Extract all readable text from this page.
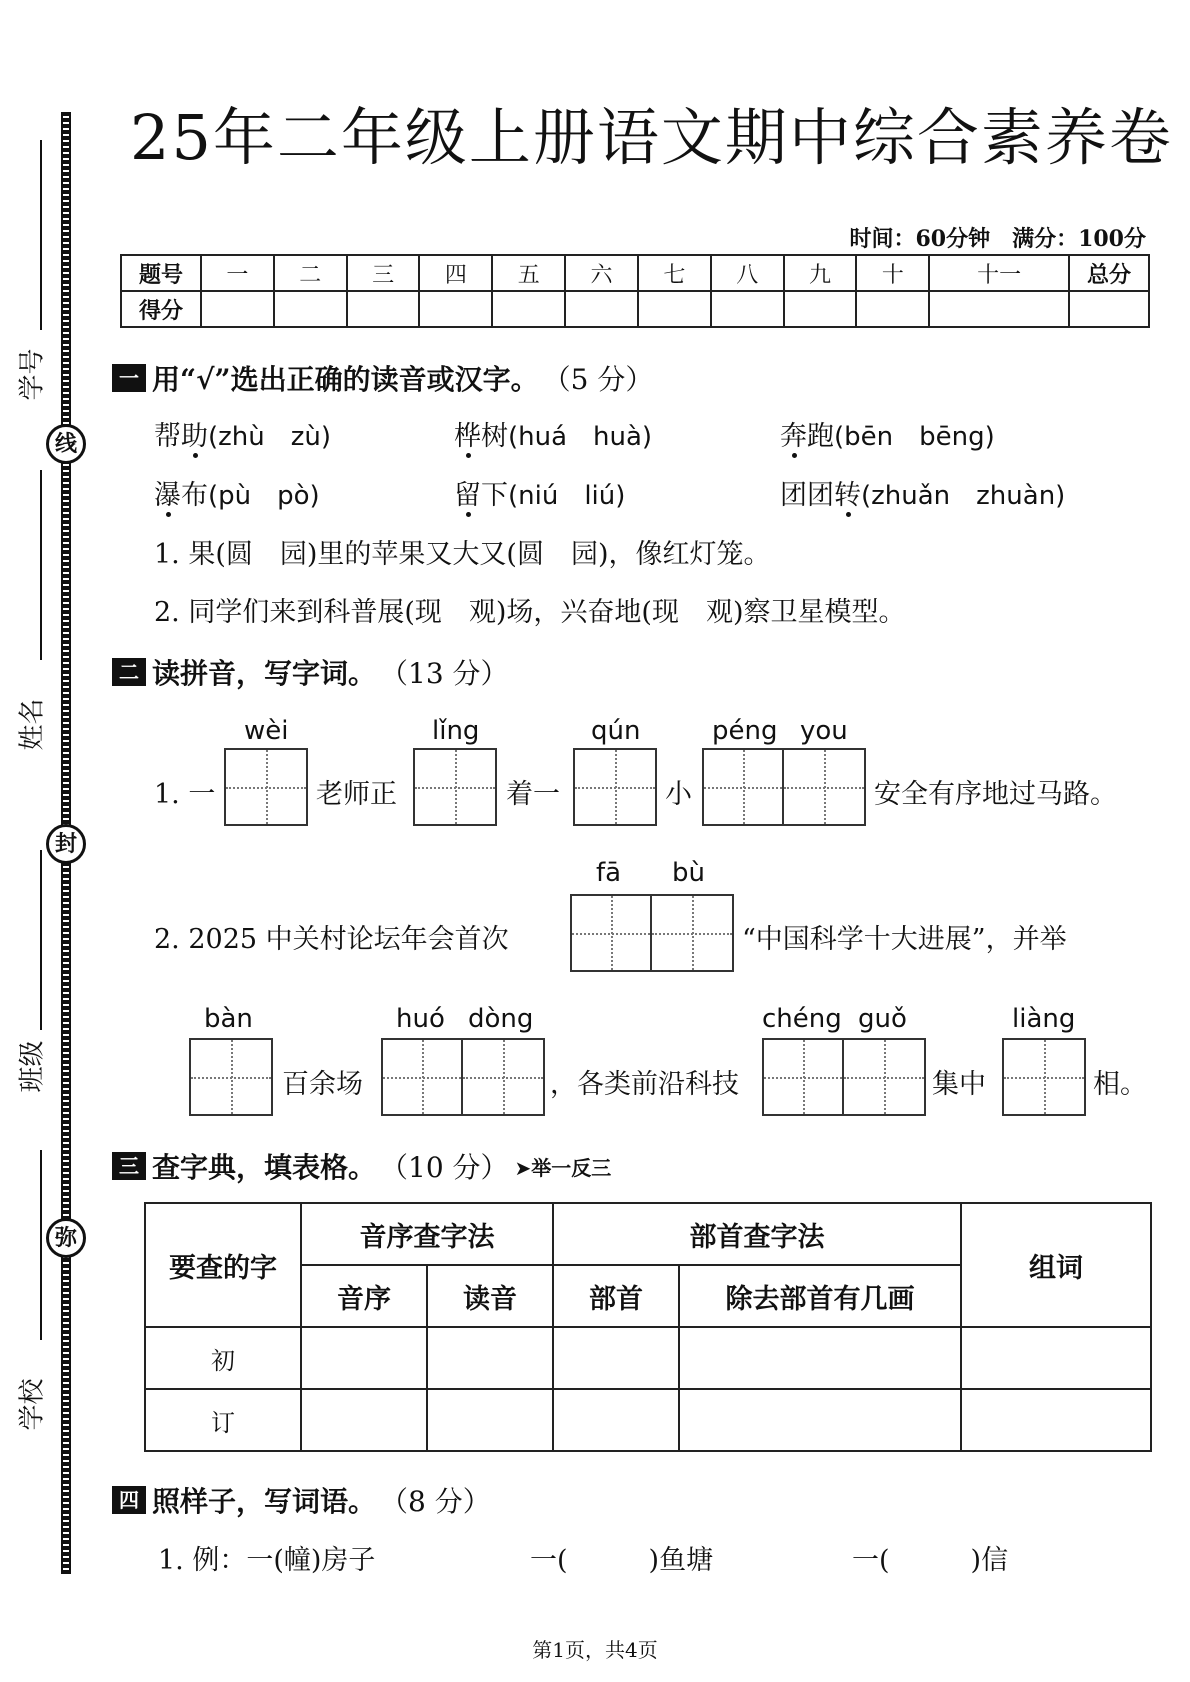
学号
姓名
班级
学校
线
封
弥
25年二年级上册语文期中综合素养卷
时间：60分钟　满分：100分
题号	一	二	三	四	五	六	七	八	九	十	十一	总分
得分												
一 用“√”选出正确的读音或汉字。 （5 分）
帮助(zhù　zù)	桦树(huá　huà)	奔跑(bēn　bēng)
瀑布(pù　pò)	留下(niú　liú)	团团转(zhuǎn　zhuàn)
1. 果(圆　园)里的苹果又大又(圆　园)，像红灯笼。
2. 同学们来到科普展(现　观)场，兴奋地(现　观)察卫星模型。
二 读拼音，写字词。 （13 分）
wèi	lǐng	qún	péng you
1. 一	老师正	着一	小	安全有序地过马路。
fā bù
2. 2025 中关村论坛年会首次	“中国科学十大进展”，并举
bàn	huó dòng	chéng guǒ	liàng
百余场	，各类前沿科技	集中	相。
三 查字典，填表格。 （10 分） ➤举一反三
要查的字	音序查字法		部首查字法		组词
	音序	读音	部首	除去部首有几画	
初					
订					
四 照样子，写词语。 （8 分）
1. 例：一(幢)房子	一(　　　)鱼塘	一(　　　)信
第1页，共4页
